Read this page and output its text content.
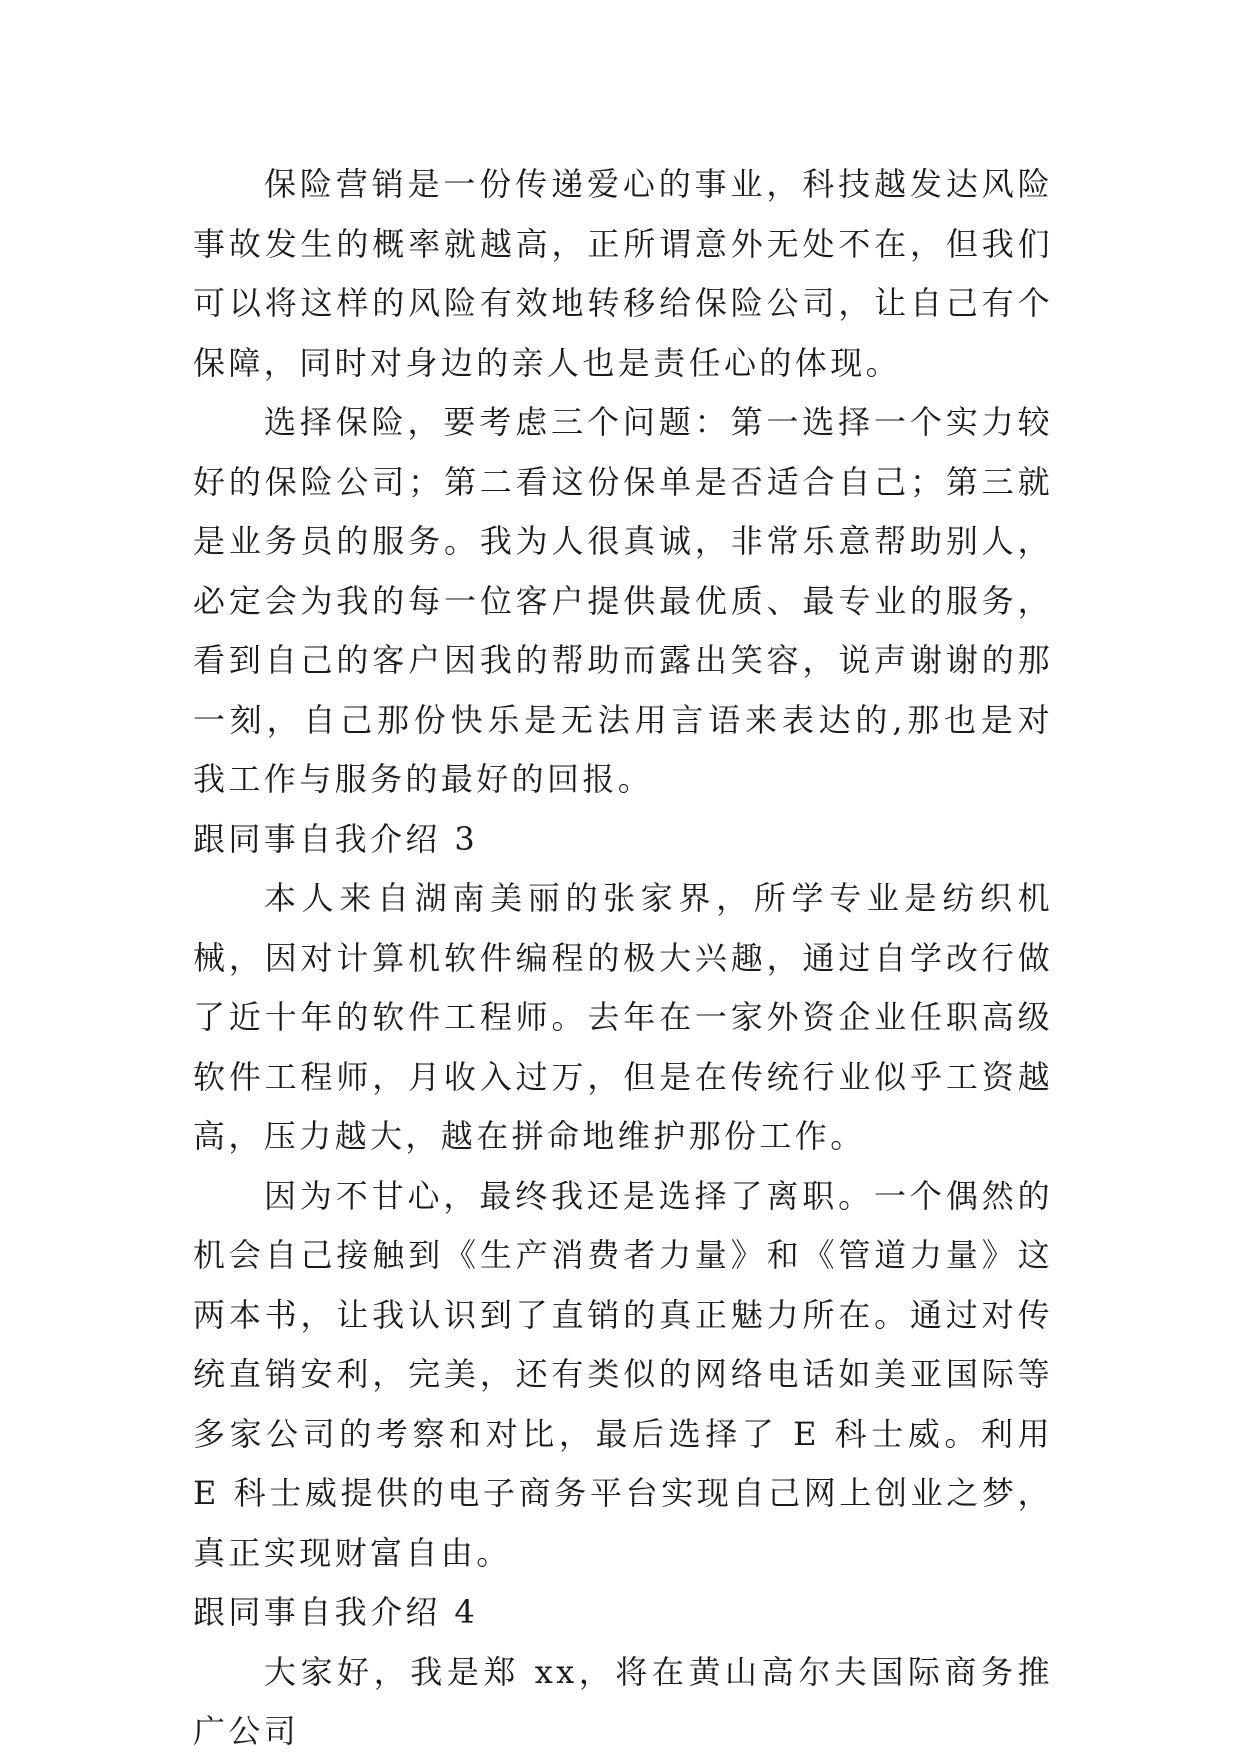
保险营销是一份传递爱心的事业，科技越发达风险事故发生的概率就越高，正所谓意外无处不在，但我们可以将这样的风险有效地转移给保险公司，让自己有个保障，同时对身边的亲人也是责任心的体现。

选择保险，要考虑三个问题：第一选择一个实力较好的保险公司；第二看这份保单是否适合自己；第三就是业务员的服务。我为人很真诚，非常乐意帮助别人，必定会为我的每一位客户提供最优质、最专业的服务，看到自己的客户因我的帮助而露出笑容，说声谢谢的那一刻，自己那份快乐是无法用言语来表达的,那也是对我工作与服务的最好的回报。

跟同事自我介绍 3

本人来自湖南美丽的张家界，所学专业是纺织机械，因对计算机软件编程的极大兴趣，通过自学改行做了近十年的软件工程师。去年在一家外资企业任职高级软件工程师，月收入过万，但是在传统行业似乎工资越高，压力越大，越在拼命地维护那份工作。

因为不甘心，最终我还是选择了离职。一个偶然的机会自己接触到《生产消费者力量》和《管道力量》这两本书，让我认识到了直销的真正魅力所在。通过对传统直销安利，完美，还有类似的网络电话如美亚国际等多家公司的考察和对比，最后选择了 E 科士威。利用 E 科士威提供的电子商务平台实现自己网上创业之梦，真正实现财富自由。

跟同事自我介绍 4

大家好，我是郑 xx，将在黄山高尔夫国际商务推广公司
